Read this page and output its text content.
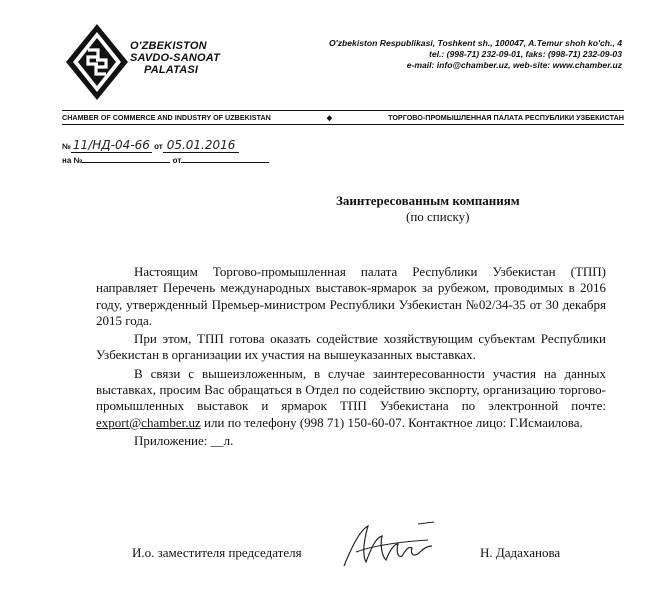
O'ZBEKISTON
SAVDO-SANOAT
PALATASI
O'zbekiston Respublikasi, Toshkent sh., 100047, A.Temur shoh ko'ch., 4
tel.: (998-71) 232-09-01, faks: (998-71) 232-09-03
e-mail: info@chamber.uz, web-site: www.chamber.uz
CHAMBER OF COMMERCE AND INDUSTRY OF UZBEKISTAN	◆	ТОРГОВО-ПРОМЫШЛЕННАЯ ПАЛАТА РЕСПУБЛИКИ УЗБЕКИСТАН
№ 11/НД-04-66 от 05.01.2016
на №	от
Заинтересованным компаниям
(по списку)

Настоящим Торгово-промышленная палата Республики Узбекистан (ТПП) направляет Перечень международных выставок-ярмарок за рубежом, проводимых в 2016 году, утвержденный Премьер-министром Республики Узбекистан №02/34-35 от 30 декабря 2015 года.

При этом, ТПП готова оказать содействие хозяйствующим субъектам Республики Узбекистан в организации их участия на вышеуказанных выставках.

В связи с вышеизложенным, в случае заинтересованности участия на данных выставках, просим Вас обращаться в Отдел по содействию экспорту, организацию торгово-промышленных выставок и ярмарок ТПП Узбекистана по электронной почте: export@chamber.uz или по телефону (998 71) 150-60-07. Контактное лицо: Г.Исмаилова.

Приложение: __л.

И.о. заместителя председателя	Н. Дадаханова
